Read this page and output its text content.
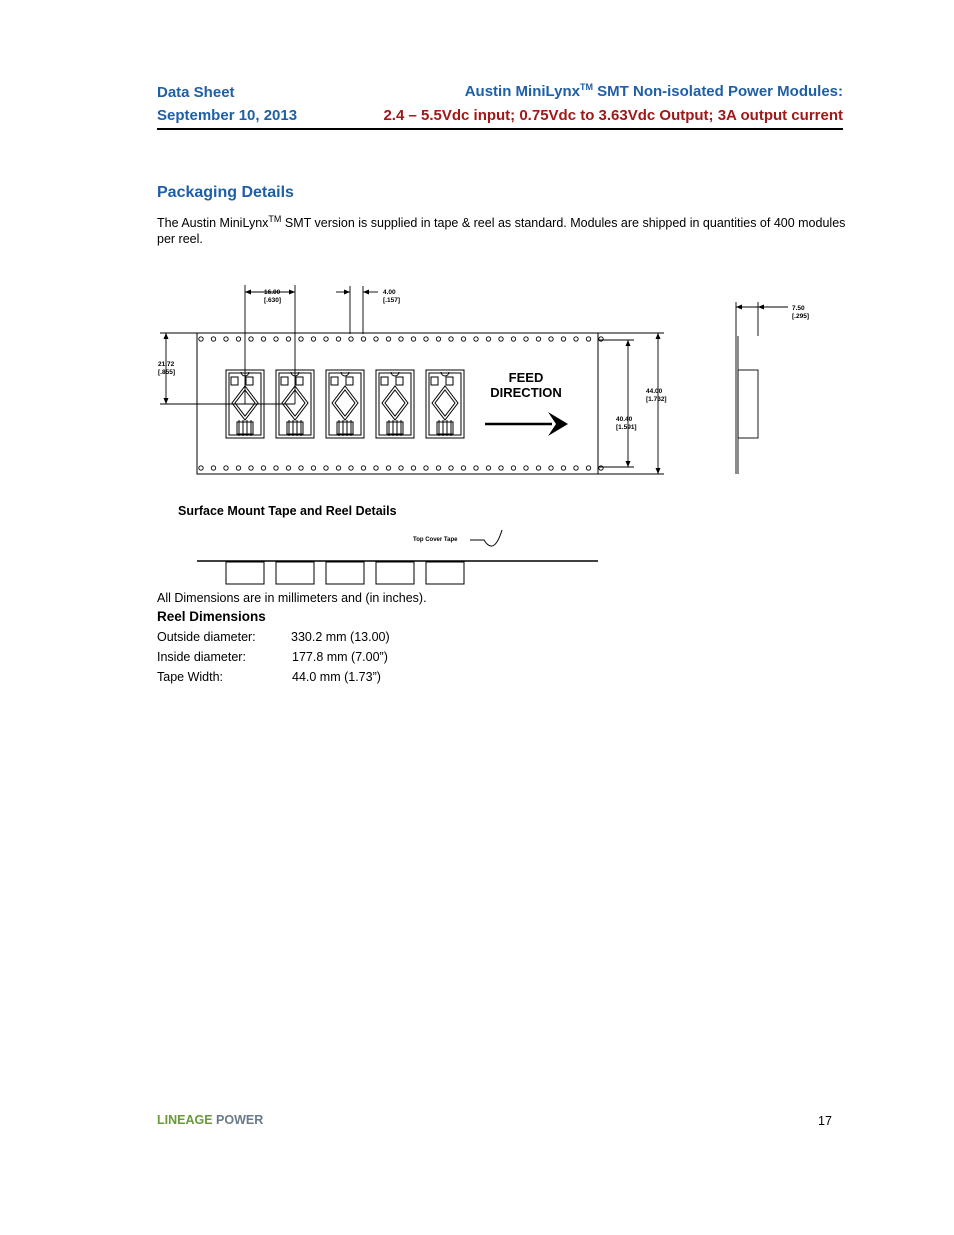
Data Sheet
September 10, 2013
Austin MiniLynx™ SMT Non-isolated Power Modules:
2.4 – 5.5Vdc input; 0.75Vdc to 3.63Vdc Output; 3A output current
Packaging Details
The Austin MiniLynx™ SMT version is supplied in tape & reel as standard. Modules are shipped in quantities of 400 modules per reel.
16.00
[.630]
4.00
[.157]
21.72
[.855]
44.00
[1.732]
40.40
[1.591]
7.50
[.295]
FEED
DIRECTION
Surface Mount Tape and Reel Details
Top Cover Tape
All Dimensions are in millimeters and (in inches).
Reel Dimensions
Outside diameter:	330.2 mm (13.00)
Inside diameter:	177.8 mm (7.00”)
Tape Width:	44.0 mm (1.73”)
LINEAGE POWER	17
